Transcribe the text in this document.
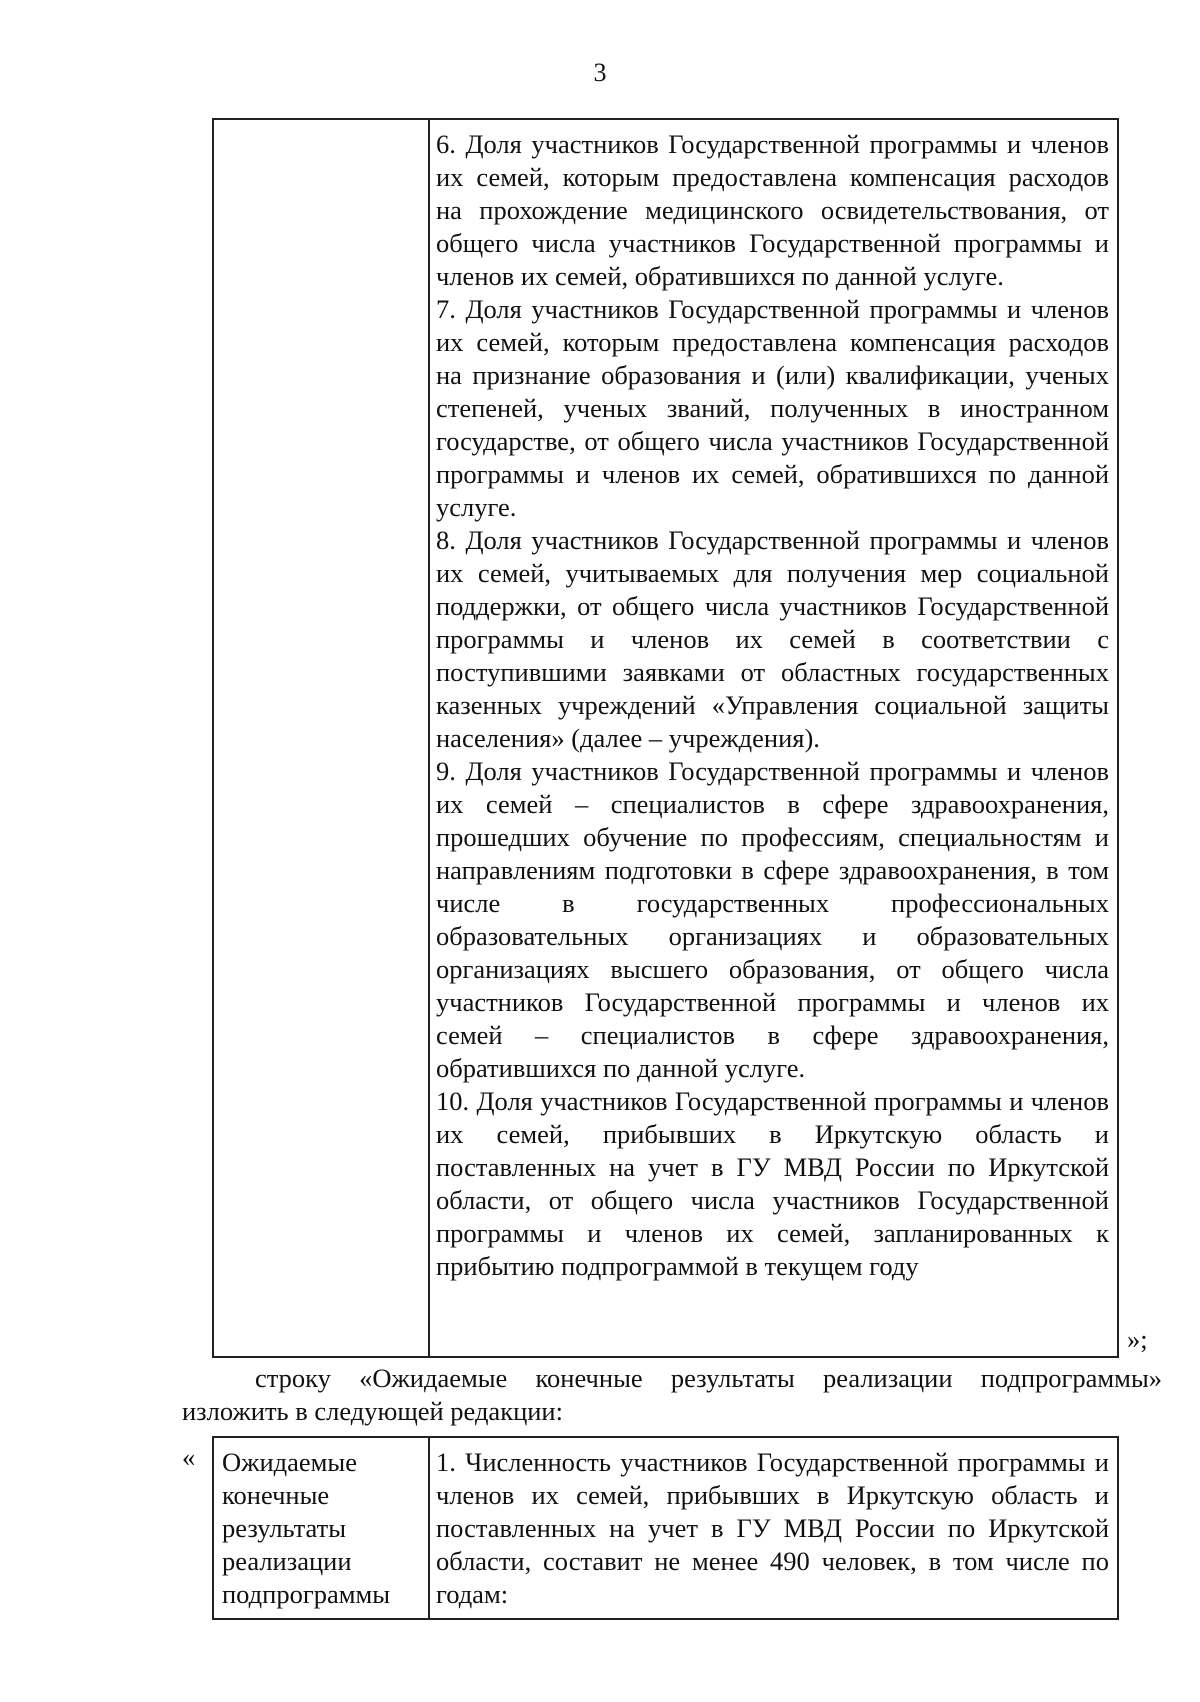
3

6. Доля участников Государственной программы и членов их семей, которым предоставлена компенсация расходов на прохождение медицинского освидетельствования, от общего числа участников Государственной программы и членов их семей, обратившихся по данной услуге.

7. Доля участников Государственной программы и членов их семей, которым предоставлена компенсация расходов на признание образования и (или) квалификации, ученых степеней, ученых званий, полученных в иностранном государстве, от общего числа участников Государственной программы и членов их семей, обратившихся по данной услуге.

8. Доля участников Государственной программы и членов их семей, учитываемых для получения мер социальной поддержки, от общего числа участников Государственной программы и членов их семей в соответствии с поступившими заявками от областных государственных казенных учреждений «Управления социальной защиты населения» (далее – учреждения).

9. Доля участников Государственной программы и членов их семей – специалистов в сфере здравоохранения, прошедших обучение по профессиям, специальностям и направлениям подготовки в сфере здравоохранения, в том числе в государственных профессиональных образовательных организациях и образовательных организациях высшего образования, от общего числа участников Государственной программы и членов их семей – специалистов в сфере здравоохранения, обратившихся по данной услуге.

10. Доля участников Государственной программы и членов их семей, прибывших в Иркутскую область и поставленных на учет в ГУ МВД России по Иркутской области, от общего числа участников Государственной программы и членов их семей, запланированных к прибытию подпрограммой в текущем году

»;
строку «Ожидаемые конечные результаты реализации подпрограммы»
изложить в следующей редакции:
« Ожидаемые конечные результаты реализации подпрограммы

1. Численность участников Государственной программы и членов их семей, прибывших в Иркутскую область и поставленных на учет в ГУ МВД России по Иркутской области, составит не менее 490 человек, в том числе по годам:
